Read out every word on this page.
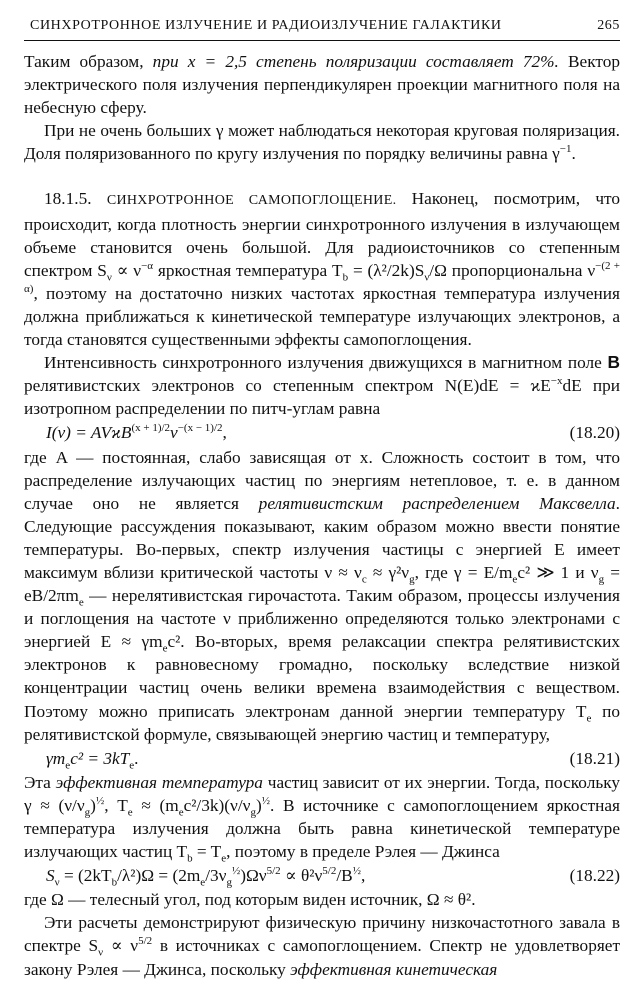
СИНХРОТРОННОЕ ИЗЛУЧЕНИЕ И РАДИОИЗЛУЧЕНИЕ ГАЛАКТИКИ	265

Таким образом, при x = 2,5 степень поляризации составляет 72%. Вектор электрического поля излучения перпендикулярен проекции магнитного поля на небесную сферу.

При не очень больших γ может наблюдаться некоторая круговая поляризация. Доля поляризованного по кругу излучения по порядку величины равна $\gamma^{-1}$.

18.1.5. СИНХРОТРОННОЕ САМОПОГЛОЩЕНИЕ. Наконец, посмотрим, что происходит, когда плотность энергии синхротронного излучения в излучающем объеме становится очень большой. Для радиоисточников со степенным спектром $S_\nu \propto \nu^{-\alpha}$ яркостная температура $T_b = (\lambda^2/2k)S_\nu/\Omega$ пропорциональна $\nu^{-(2 + \alpha)}$, поэтому на достаточно низких частотах яркостная температура излучения должна приближаться к кинетической температуре излучающих электронов, а тогда становятся существенными эффекты самопоглощения.

Интенсивность синхротронного излучения движущихся в магнитном поле B релятивистских электронов со степенным спектром $N(E)dE = ϰE^{-x}dE$ при изотропном распределении по питч-углам равна

$I(\nu) = AVϰB^{(x + 1)/2}\nu^{-(x - 1)/2}$,	(18.20)

где A — постоянная, слабо зависящая от x. Сложность состоит в том, что распределение излучающих частиц по энергиям нетепловое, т. е. в данном случае оно не является релятивистским распределением Максвелла. Следующие рассуждения показывают, каким образом можно ввести понятие температуры. Во-первых, спектр излучения частицы с энергией E имеет максимум вблизи критической частоты $\nu \approx \nu_c \approx \gamma^2\nu_g$, где $\gamma = E/m_ec^2$ ≫ 1 и $\nu_g = eB/2\pi m_e$ — нерелятивистская гирочастота. Таким образом, процессы излучения и поглощения на частоте ν приближенно определяются только электронами с энергией $E \approx \gamma m_ec^2$. Во-вторых, время релаксации спектра релятивистских электронов к равновесному громадно, поскольку вследствие низкой концентрации частиц очень велики времена взаимодействия с веществом. Поэтому можно приписать электронам данной энергии температуру $T_e$ по релятивистской формуле, связывающей энергию частиц и температуру,

$\gamma m_ec^2 = 3kT_e$.	(18.21)

Эта эффективная температура частиц зависит от их энергии. Тогда, поскольку $\gamma \approx (\nu/\nu_g)^{\frac{1}{2}}$, $T_e \approx (m_ec^2/3k)(\nu/\nu_g)^{\frac{1}{2}}$. В источнике с самопоглощением яркостная температура излучения должна быть равна кинетической температуре излучающих частиц $T_b = T_e$, поэтому в пределе Рэлея — Джинса

$S_\nu = (2kT_b/\lambda^2)\Omega = (2m_e/3\nu_g^{\frac{1}{2}})\Omega\nu^{5/2} \propto \theta^2\nu^{5/2}/B^{\frac{1}{2}}$,	(18.22)

где Ω — телесный угол, под которым виден источник, Ω ≈ θ².

Эти расчеты демонстрируют физическую причину низкочастотного завала в спектре $S_\nu \propto \nu^{5/2}$ в источниках с самопоглощением. Спектр не удовлетворяет закону Рэлея — Джинса, поскольку эффективная кинетическая
